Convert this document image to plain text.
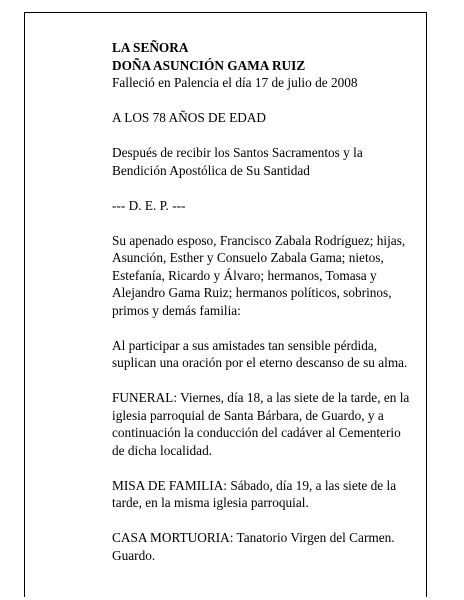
LA SEÑORA
DOÑA ASUNCIÓN GAMA RUIZ
Falleció en Palencia el día 17 de julio de 2008

A LOS 78 AÑOS DE EDAD

Después de recibir los Santos Sacramentos y la
Bendición Apostólica de Su Santidad

--- D. E. P. ---

Su apenado esposo, Francisco Zabala Rodríguez; hijas,
Asunción, Esther y Consuelo Zabala Gama; nietos,
Estefanía, Ricardo y Álvaro; hermanos, Tomasa y
Alejandro Gama Ruiz; hermanos políticos, sobrinos,
primos y demás familia:

Al participar a sus amistades tan sensible pérdida,
suplican una oración por el eterno descanso de su alma.

FUNERAL: Viernes, día 18, a las siete de la tarde, en la
iglesia parroquial de Santa Bárbara, de Guardo, y a
continuación la conducción del cadáver al Cementerio
de dicha localidad.

MISA DE FAMILIA: Sábado, día 19, a las siete de la
tarde, en la misma iglesia parroquial.

CASA MORTUORIA: Tanatorio Virgen del Carmen.
Guardo.
